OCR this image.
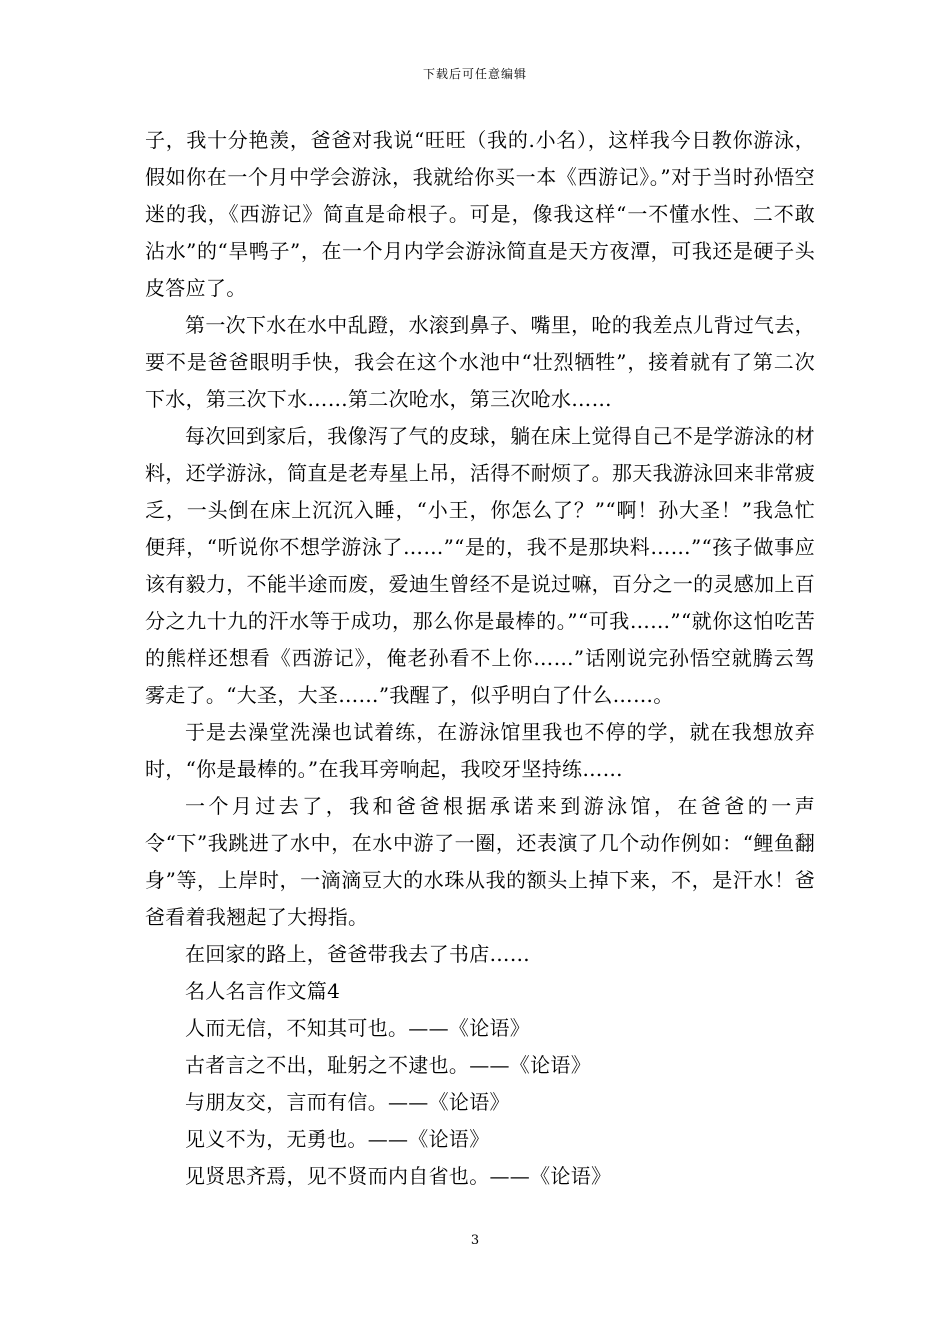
下载后可任意编辑

子，我十分艳羡，爸爸对我说“旺旺（我的.小名），这样我今日教你游泳，假如你在一个月中学会游泳，我就给你买一本《西游记》。”对于当时孙悟空迷的我，《西游记》简直是命根子。可是，像我这样“一不懂水性、二不敢沾水”的“旱鸭子”，在一个月内学会游泳简直是天方夜潭，可我还是硬子头皮答应了。

第一次下水在水中乱蹬，水滚到鼻子、嘴里，呛的我差点儿背过气去，要不是爸爸眼明手快，我会在这个水池中“壮烈牺牲”，接着就有了第二次下水，第三次下水……第二次呛水，第三次呛水……

每次回到家后，我像泻了气的皮球，躺在床上觉得自己不是学游泳的材料，还学游泳，简直是老寿星上吊，活得不耐烦了。那天我游泳回来非常疲乏，一头倒在床上沉沉入睡，“小王，你怎么了？”“啊！孙大圣！”我急忙便拜，“听说你不想学游泳了……”“是的，我不是那块料……”“孩子做事应该有毅力，不能半途而废，爱迪生曾经不是说过嘛，百分之一的灵感加上百分之九十九的汗水等于成功，那么你是最棒的。”“可我……”“就你这怕吃苦的熊样还想看《西游记》，俺老孙看不上你……”话刚说完孙悟空就腾云驾雾走了。“大圣，大圣……”我醒了，似乎明白了什么……。

于是去澡堂洗澡也试着练，在游泳馆里我也不停的学，就在我想放弃时，“你是最棒的。”在我耳旁响起，我咬牙坚持练……

一个月过去了，我和爸爸根据承诺来到游泳馆，在爸爸的一声令“下”我跳进了水中，在水中游了一圈，还表演了几个动作例如：“鲤鱼翻身”等，上岸时，一滴滴豆大的水珠从我的额头上掉下来，不，是汗水！爸爸看着我翘起了大拇指。

在回家的路上，爸爸带我去了书店……

名人名言作文篇4

人而无信，不知其可也。——《论语》

古者言之不出，耻躬之不逮也。——《论语》

与朋友交，言而有信。——《论语》

见义不为，无勇也。——《论语》

见贤思齐焉，见不贤而内自省也。——《论语》

3
